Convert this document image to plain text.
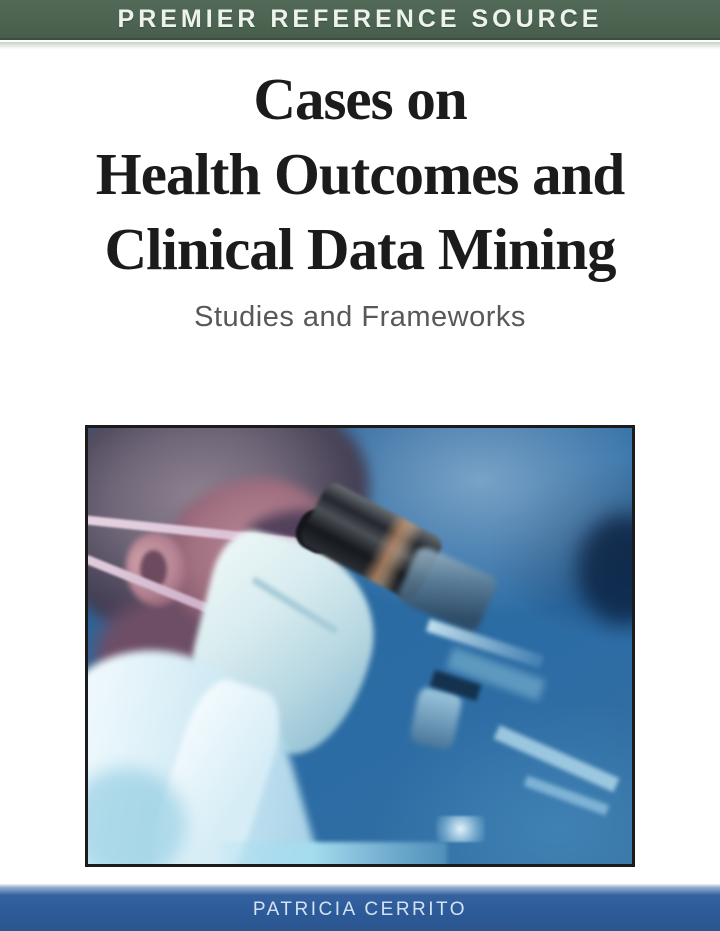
PREMIER REFERENCE SOURCE
Cases on
Health Outcomes and
Clinical Data Mining
Studies and Frameworks
PATRICIA CERRITO
